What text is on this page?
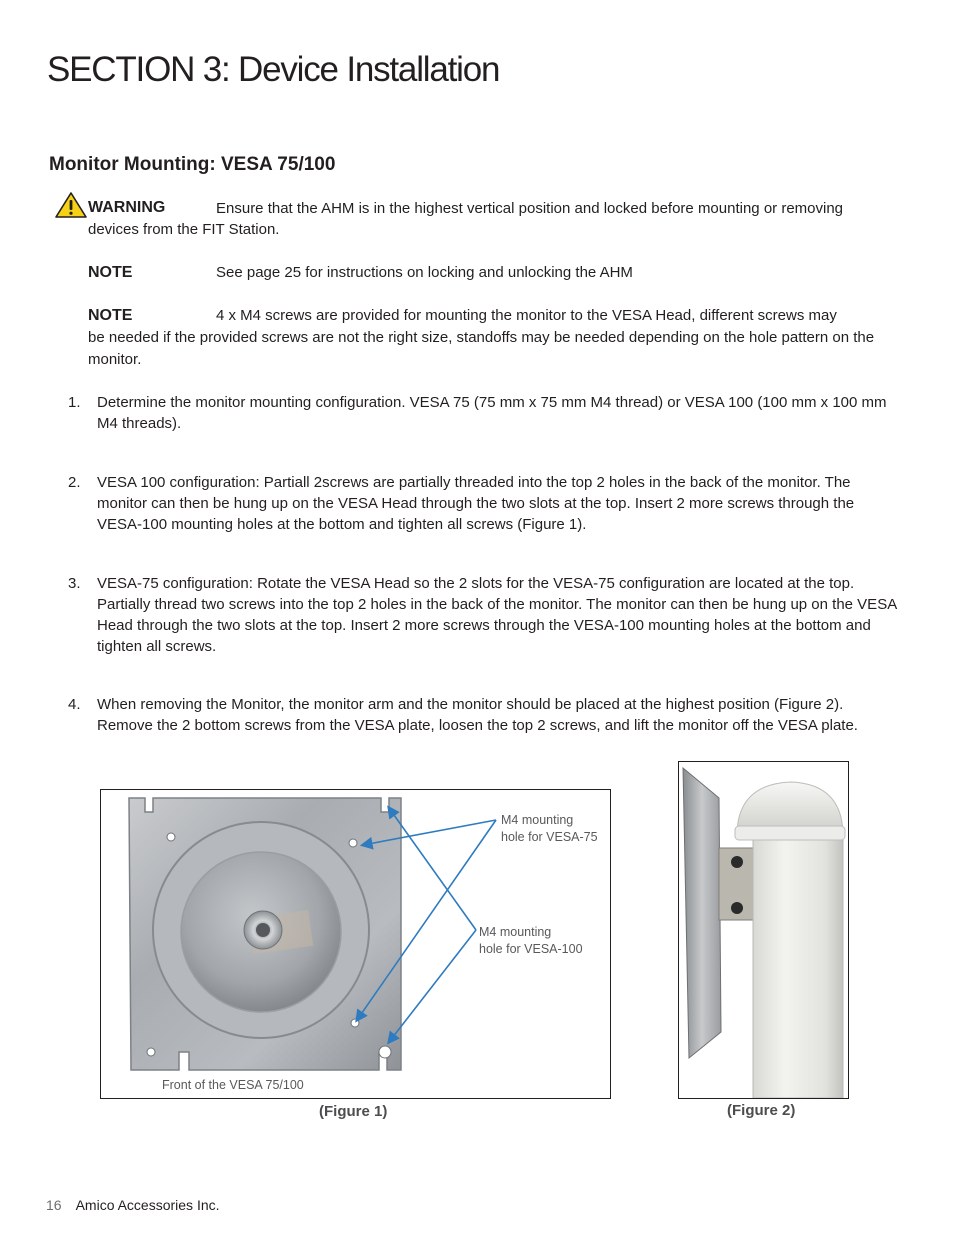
SECTION 3: Device Installation
Monitor Mounting: VESA 75/100
WARNING	Ensure that the AHM is in the highest vertical position and locked before mounting or removing
devices from the FIT Station.
NOTE	See page 25 for instructions on locking and unlocking the AHM
NOTE	4 x M4 screws are provided for mounting the monitor to the VESA Head, different screws may
be needed if the provided screws are not the right size, standoffs may be needed depending on the hole pattern on the monitor.
1.	Determine the monitor mounting configuration. VESA 75 (75 mm x 75 mm M4 thread) or VESA 100 (100 mm x 100 mm M4 threads).
2.	VESA 100 configuration: Partiall 2screws are partially threaded into the top 2 holes in the back of the monitor. The monitor can then be hung up on the VESA Head through the two slots at the top. Insert 2 more screws through the VESA-100 mounting holes at the bottom and tighten all screws (Figure 1).
3.	VESA-75 configuration: Rotate the VESA Head so the 2 slots for the VESA-75 configuration are located at the top. Partially thread two screws into the top 2 holes in the back of the monitor. The monitor can then be hung up on the VESA Head through the two slots at the top. Insert 2 more screws through the VESA-100 mounting holes at the bottom and tighten all screws.
4.	When removing the Monitor, the monitor arm and the monitor should be placed at the highest position (Figure 2). Remove the 2 bottom screws from the VESA plate, loosen the top 2 screws, and lift the monitor off the VESA plate.
M4 mounting
hole for VESA-75
M4 mounting
hole for VESA-100
Front of the VESA 75/100
(Figure 1)	(Figure 2)
16 Amico Accessories Inc.
